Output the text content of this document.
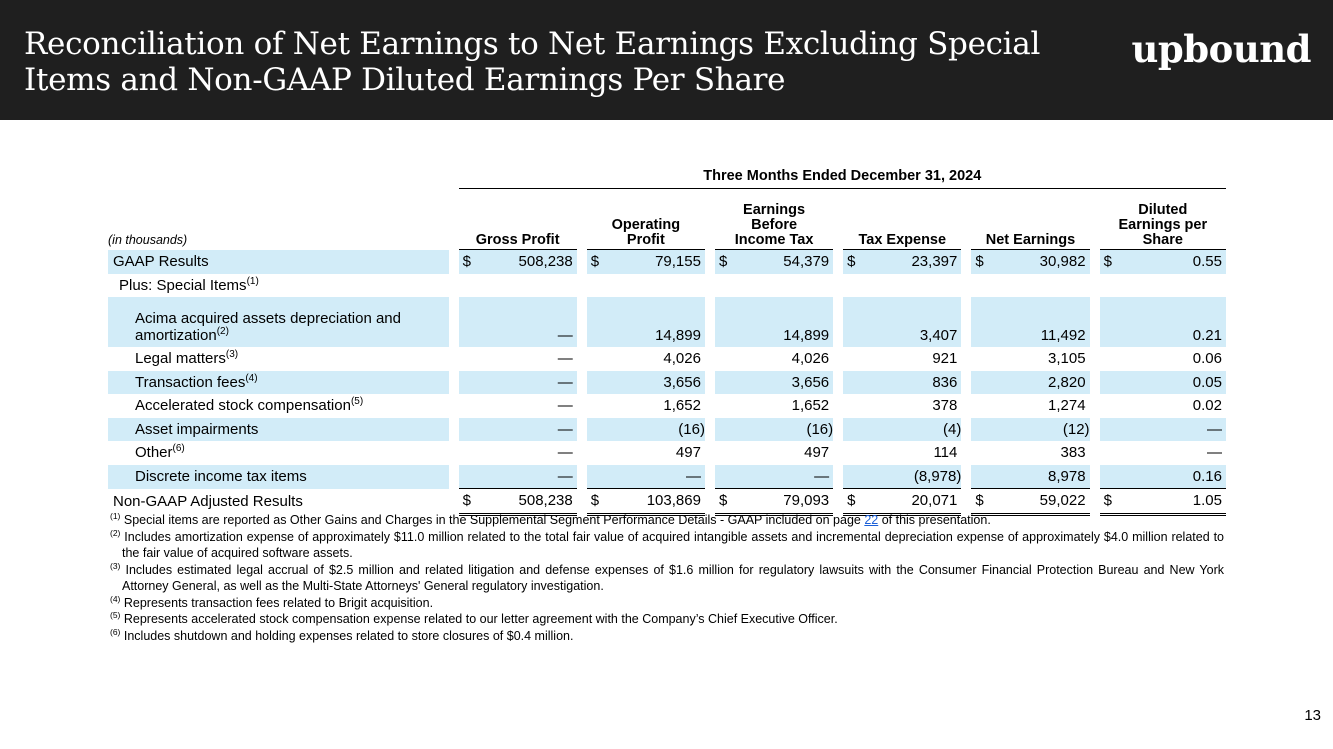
Reconciliation of Net Earnings to Net Earnings Excluding Special
Items and Non-GAAP Diluted Earnings Per Share
upbound
		Three Months Ended December 31, 2024																
(in thousands)		Gross Profit			Operating
Profit			Earnings
Before
Income Tax			Tax Expense			Net Earnings			Diluted
Earnings per
Share	
GAAP Results		$	508,238		$	79,155		$	54,379		$	23,397		$	30,982		$	0.55
Plus: Special Items$^{(1)}$	
Acima acquired assets depreciation and
amortization$^{(2)}$			—			14,899			14,899			3,407			11,492			0.21
Legal matters$^{(3)}$			—			4,026			4,026			921			3,105			0.06
Transaction fees$^{(4)}$			—			3,656			3,656			836			2,820			0.05
Accelerated stock compensation$^{(5)}$			—			1,652			1,652			378			1,274			0.02
Asset impairments			—			(16)			(16)			(4)			(12)			—
Other$^{(6)}$			—			497			497			114			383			—
Discrete income tax items			—			—			—			(8,978)			8,978			0.16
Non-GAAP Adjusted Results		$	508,238		$	103,869		$	79,093		$	20,071		$	59,022		$	1.05
$^{(1)}$ Special items are reported as Other Gains and Charges in the Supplemental Segment Performance Details - GAAP included on page 22 of this presentation.
$^{(2)}$ Includes amortization expense of approximately $11.0 million related to the total fair value of acquired intangible assets and incremental depreciation expense of approximately $4.0 million related to the fair value of acquired software assets.
$^{(3)}$ Includes estimated legal accrual of $2.5 million and related litigation and defense expenses of $1.6 million for regulatory lawsuits with the Consumer Financial Protection Bureau and New York Attorney General, as well as the Multi-State Attorneys' General regulatory investigation.
$^{(4)}$ Represents transaction fees related to Brigit acquisition.
$^{(5)}$ Represents accelerated stock compensation expense related to our letter agreement with the Company’s Chief Executive Officer.
$^{(6)}$ Includes shutdown and holding expenses related to store closures of $0.4 million.
13
